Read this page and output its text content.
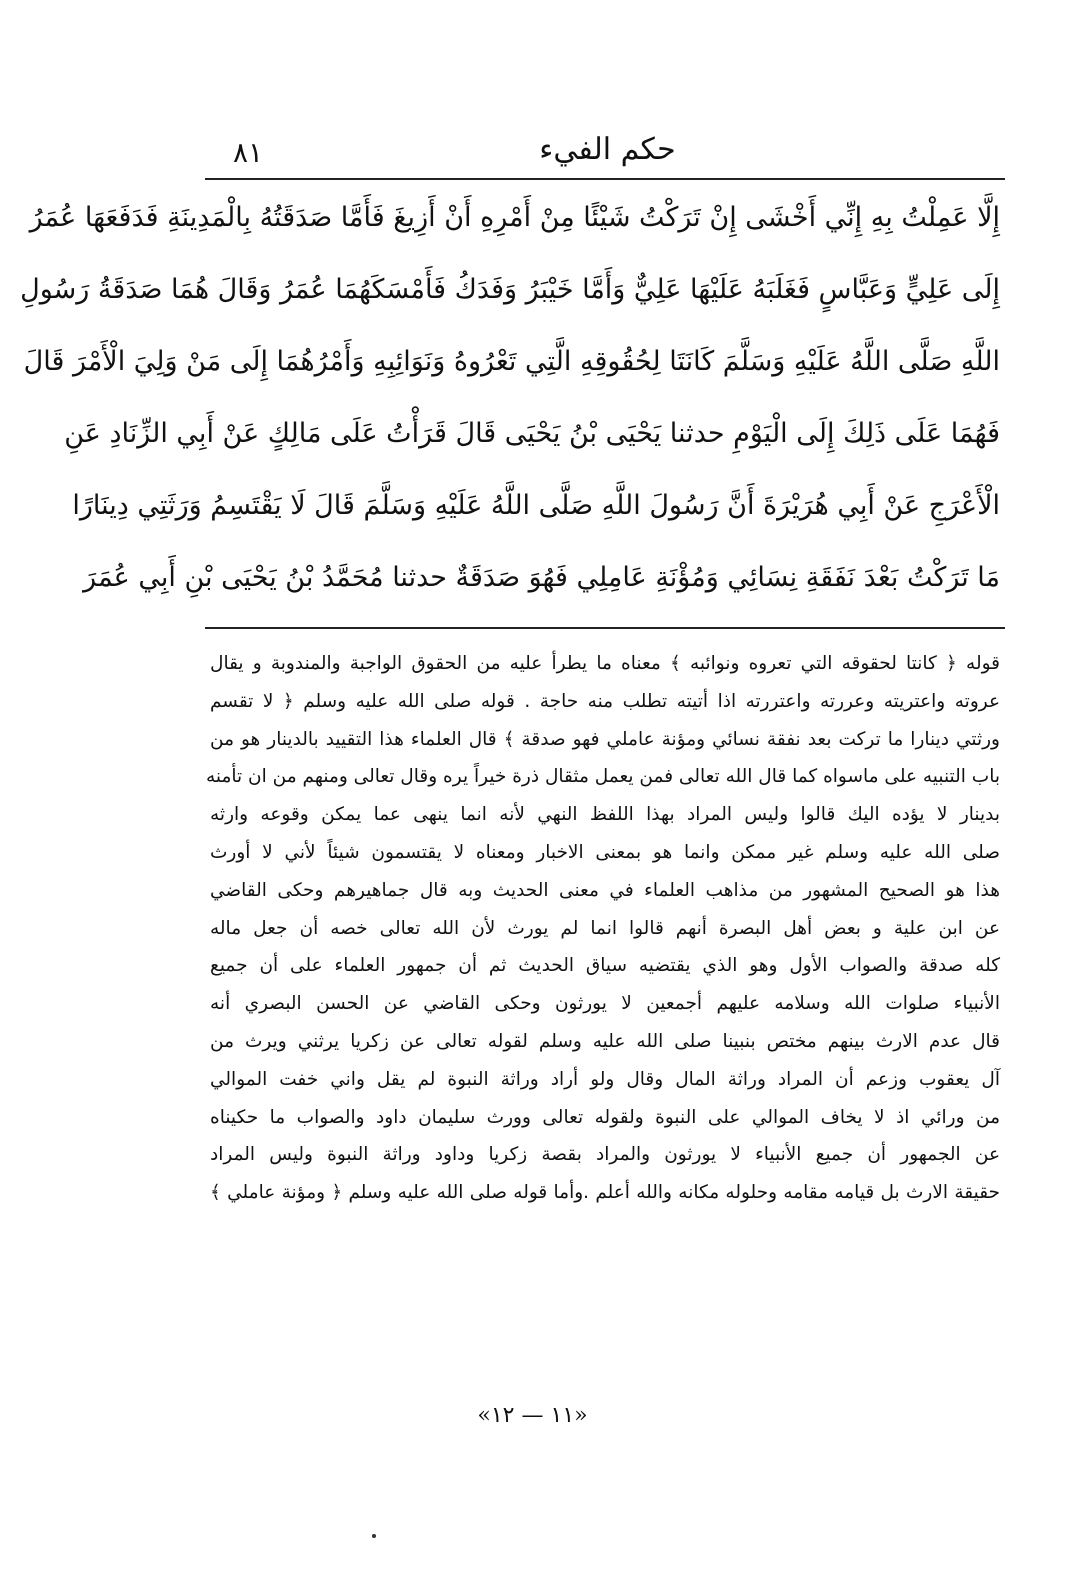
٨١	حكم الفيء
إِلَّا عَمِلْتُ بِهِ إِنِّي أَخْشَى إِنْ تَرَكْتُ شَيْئًا مِنْ أَمْرِهِ أَنْ أَزِيغَ فَأَمَّا صَدَقَتُهُ بِالْمَدِينَةِ فَدَفَعَهَا عُمَرُ
إِلَى عَلِيٍّ وَعَبَّاسٍ فَغَلَبَهُ عَلَيْهَا عَلِيٌّ وَأَمَّا خَيْبَرُ وَفَدَكُ فَأَمْسَكَهُمَا عُمَرُ وَقَالَ هُمَا صَدَقَةُ رَسُولِ
اللَّهِ صَلَّى اللَّهُ عَلَيْهِ وَسَلَّمَ كَانَتَا لِحُقُوقِهِ الَّتِي تَعْرُوهُ وَنَوَائِبِهِ وَأَمْرُهُمَا إِلَى مَنْ وَلِيَ الْأَمْرَ قَالَ
فَهُمَا عَلَى ذَلِكَ إِلَى الْيَوْمِ حدثنا يَحْيَى بْنُ يَحْيَى قَالَ قَرَأْتُ عَلَى مَالِكٍ عَنْ أَبِي الزِّنَادِ عَنِ
الْأَعْرَجِ عَنْ أَبِي هُرَيْرَةَ أَنَّ رَسُولَ اللَّهِ صَلَّى اللَّهُ عَلَيْهِ وَسَلَّمَ قَالَ لَا يَقْتَسِمُ وَرَثَتِي دِينَارًا
مَا تَرَكْتُ بَعْدَ نَفَقَةِ نِسَائِي وَمُؤْنَةِ عَامِلِي فَهُوَ صَدَقَةٌ حدثنا مُحَمَّدُ بْنُ يَحْيَى بْنِ أَبِي عُمَرَ
قوله ﴿ كانتا لحقوقه التي تعروه ونوائبه ﴾ معناه ما يطرأ عليه من الحقوق الواجبة والمندوبة و يقال
عروته واعتريته وعررته واعتررته اذا أتيته تطلب منه حاجة . قوله صلى الله عليه وسلم ﴿ لا تقسم
ورثتي دينارا ما تركت بعد نفقة نسائي ومؤنة عاملي فهو صدقة ﴾ قال العلماء هذا التقييد بالدينار هو من
باب التنبيه على ماسواه كما قال الله تعالى فمن يعمل مثقال ذرة خيراً يره وقال تعالى ومنهم من ان تأمنه
بدينار لا يؤده اليك قالوا وليس المراد بهذا اللفظ النهي لأنه انما ينهى عما يمكن وقوعه وارثه
صلى الله عليه وسلم غير ممكن وانما هو بمعنى الاخبار ومعناه لا يقتسمون شيئاً لأني لا أورث
هذا هو الصحيح المشهور من مذاهب العلماء في معنى الحديث وبه قال جماهيرهم وحكى القاضي
عن ابن علية و بعض أهل البصرة أنهم قالوا انما لم يورث لأن الله تعالى خصه أن جعل ماله
كله صدقة والصواب الأول وهو الذي يقتضيه سياق الحديث ثم أن جمهور العلماء على أن جميع
الأنبياء صلوات الله وسلامه عليهم أجمعين لا يورثون وحكى القاضي عن الحسن البصري أنه
قال عدم الارث بينهم مختص بنبينا صلى الله عليه وسلم لقوله تعالى عن زكريا يرثني ويرث من
آل يعقوب وزعم أن المراد وراثة المال وقال ولو أراد وراثة النبوة لم يقل واني خفت الموالي
من ورائي اذ لا يخاف الموالي على النبوة ولقوله تعالى وورث سليمان داود والصواب ما حكيناه
عن الجمهور أن جميع الأنبياء لا يورثون والمراد بقصة زكريا وداود وراثة النبوة وليس المراد
حقيقة الارث بل قيامه مقامه وحلوله مكانه والله أعلم .وأما قوله صلى الله عليه وسلم ﴿ ومؤنة عاملي ﴾
«١١ — ١٢»
